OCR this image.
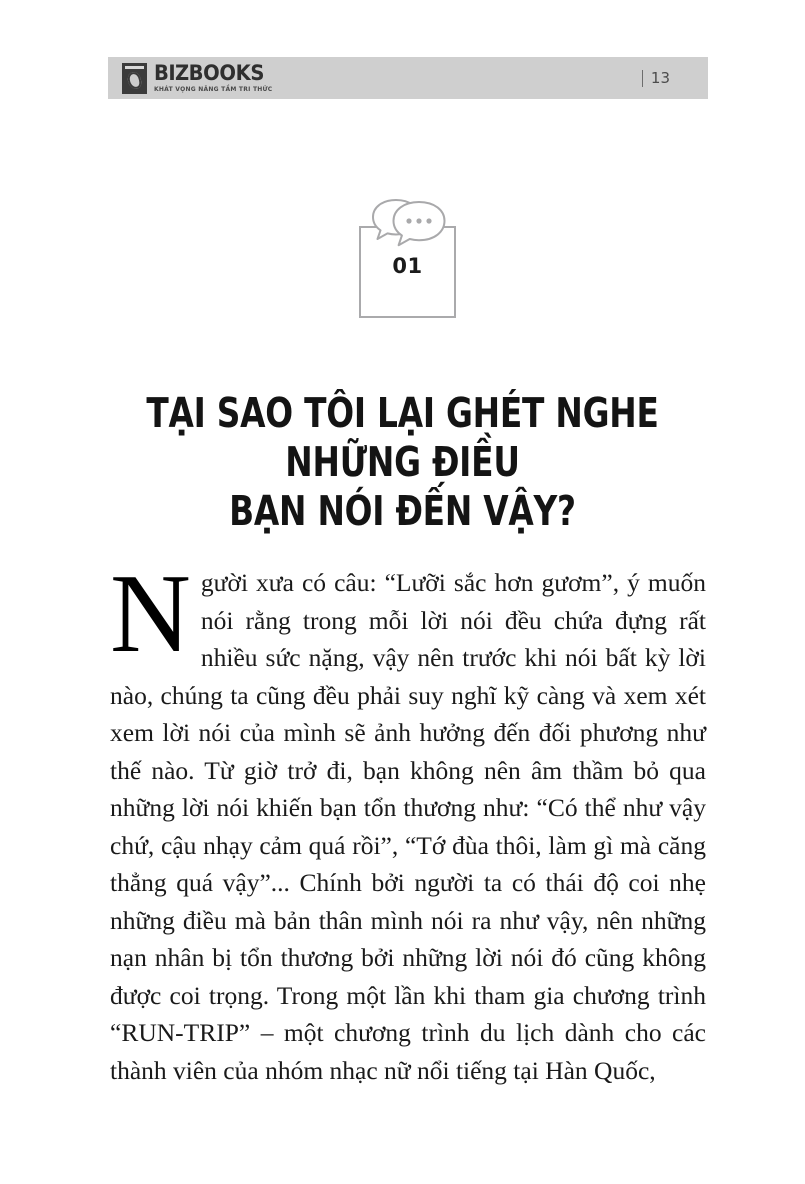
BIZBOOKS
KHÁT VỌNG NÂNG TẦM TRI THỨC
13
01
TẠI SAO TÔI LẠI GHÉT NGHE NHỮNG ĐIỀU
BẠN NÓI ĐẾN VẬY?
Người xưa có câu: “Lưỡi sắc hơn gươm”, ý muốn nói rằng trong mỗi lời nói đều chứa đựng rất nhiều sức nặng, vậy nên trước khi nói bất kỳ lời nào, chúng ta cũng đều phải suy nghĩ kỹ càng và xem xét xem lời nói của mình sẽ ảnh hưởng đến đối phương như thế nào. Từ giờ trở đi, bạn không nên âm thầm bỏ qua những lời nói khiến bạn tổn thương như: “Có thể như vậy chứ, cậu nhạy cảm quá rồi”, “Tớ đùa thôi, làm gì mà căng thẳng quá vậy”... Chính bởi người ta có thái độ coi nhẹ những điều mà bản thân mình nói ra như vậy, nên những nạn nhân bị tổn thương bởi những lời nói đó cũng không được coi trọng. Trong một lần khi tham gia chương trình “RUN-TRIP” – một chương trình du lịch dành cho các thành viên của nhóm nhạc nữ nổi tiếng tại Hàn Quốc,
